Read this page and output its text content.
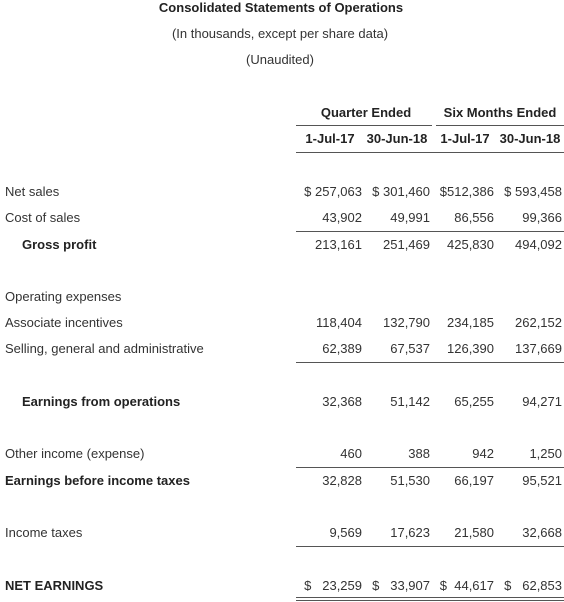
Consolidated Statements of Operations
(In thousands, except per share data)
(Unaudited)
Quarter Ended	Six Months Ended
1-Jul-17 30-Jun-18	1-Jul-17 30-Jun-18
Net sales	$ 257,063 $ 301,460 $512,386 $ 593,458
Cost of sales	43,902	49,991	86,556	99,366
Gross profit	213,161	251,469	425,830	494,092
Operating expenses
Associate incentives	118,404	132,790	234,185	262,152
Selling, general and administrative	62,389	67,537	126,390	137,669
Earnings from operations	32,368	51,142	65,255	94,271
Other income (expense)	460	388	942	1,250
Earnings before income taxes	32,828	51,530	66,197	95,521
Income taxes	9,569	17,623	21,580	32,668
NET EARNINGS	$   23,259 $   33,907 $  44,617 $   62,853
